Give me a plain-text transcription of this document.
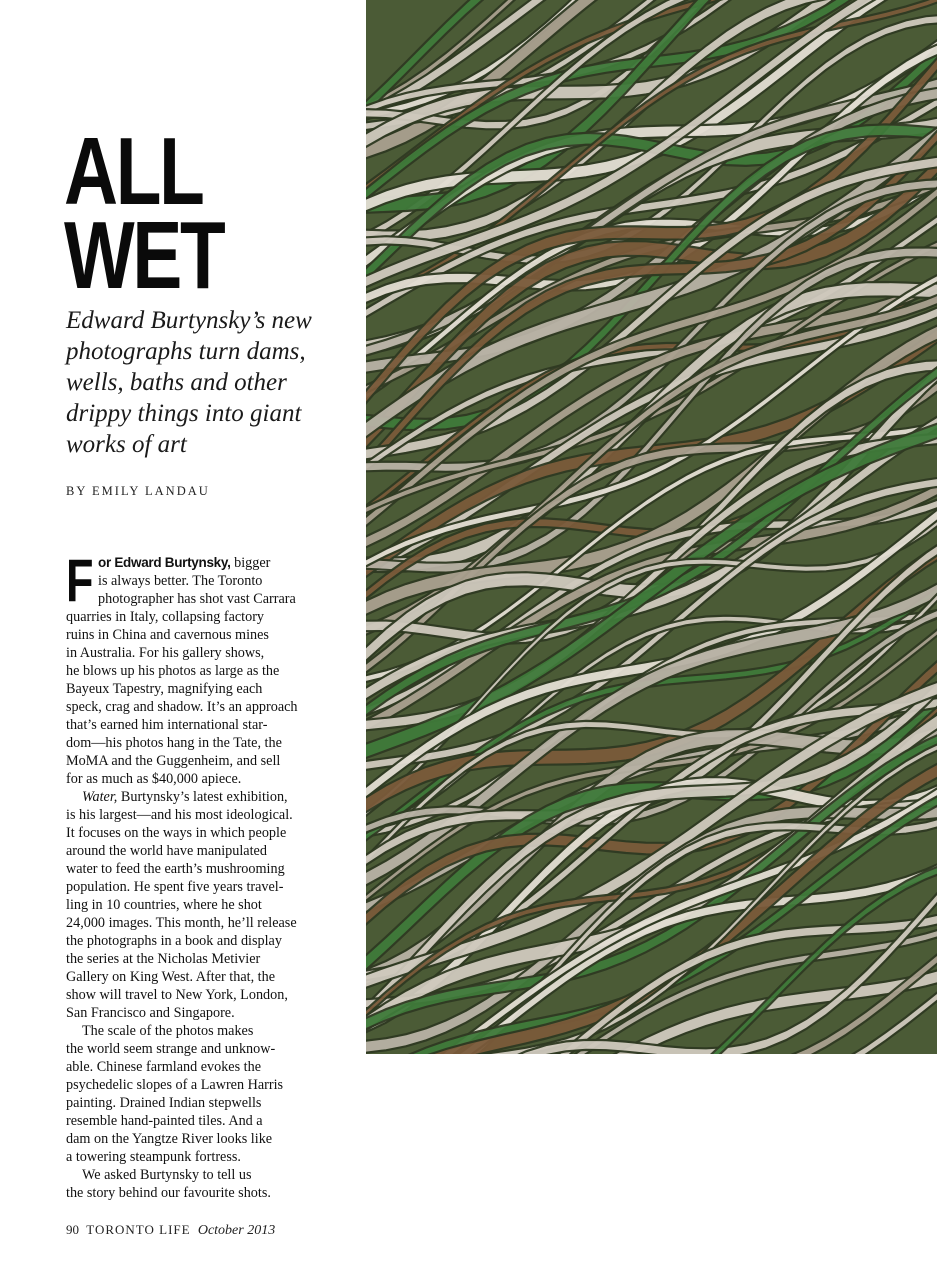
ALL
WET
Edward Burtynsky’s new
photographs turn dams,
wells, baths and other
drippy things into giant
works of art
BY EMILY LANDAU
F or Edward Burtynsky, bigger
is always better. The Toronto
photographer has shot vast Carrara
quarries in Italy, collapsing factory
ruins in China and cavernous mines
in Australia. For his gallery shows,
he blows up his photos as large as the
Bayeux Tapestry, magnifying each
speck, crag and shadow. It’s an approach
that’s earned him international star-
dom—his photos hang in the Tate, the
MoMA and the Guggenheim, and sell
for as much as $40,000 apiece.
Water, Burtynsky’s latest exhibition,
is his largest—and his most ideological.
It focuses on the ways in which people
around the world have manipulated
water to feed the earth’s mushrooming
population. He spent five years travel-
ling in 10 countries, where he shot
24,000 images. This month, he’ll release
the photographs in a book and display
the series at the Nicholas Metivier
Gallery on King West. After that, the
show will travel to New York, London,
San Francisco and Singapore.
The scale of the photos makes
the world seem strange and unknow-
able. Chinese farmland evokes the
psychedelic slopes of a Lawren Harris
painting. Drained Indian stepwells
resemble hand-painted tiles. And a
dam on the Yangtze River looks like
a towering steampunk fortress.
We asked Burtynsky to tell us
the story behind our favourite shots.
90 TORONTO LIFE October 2013
